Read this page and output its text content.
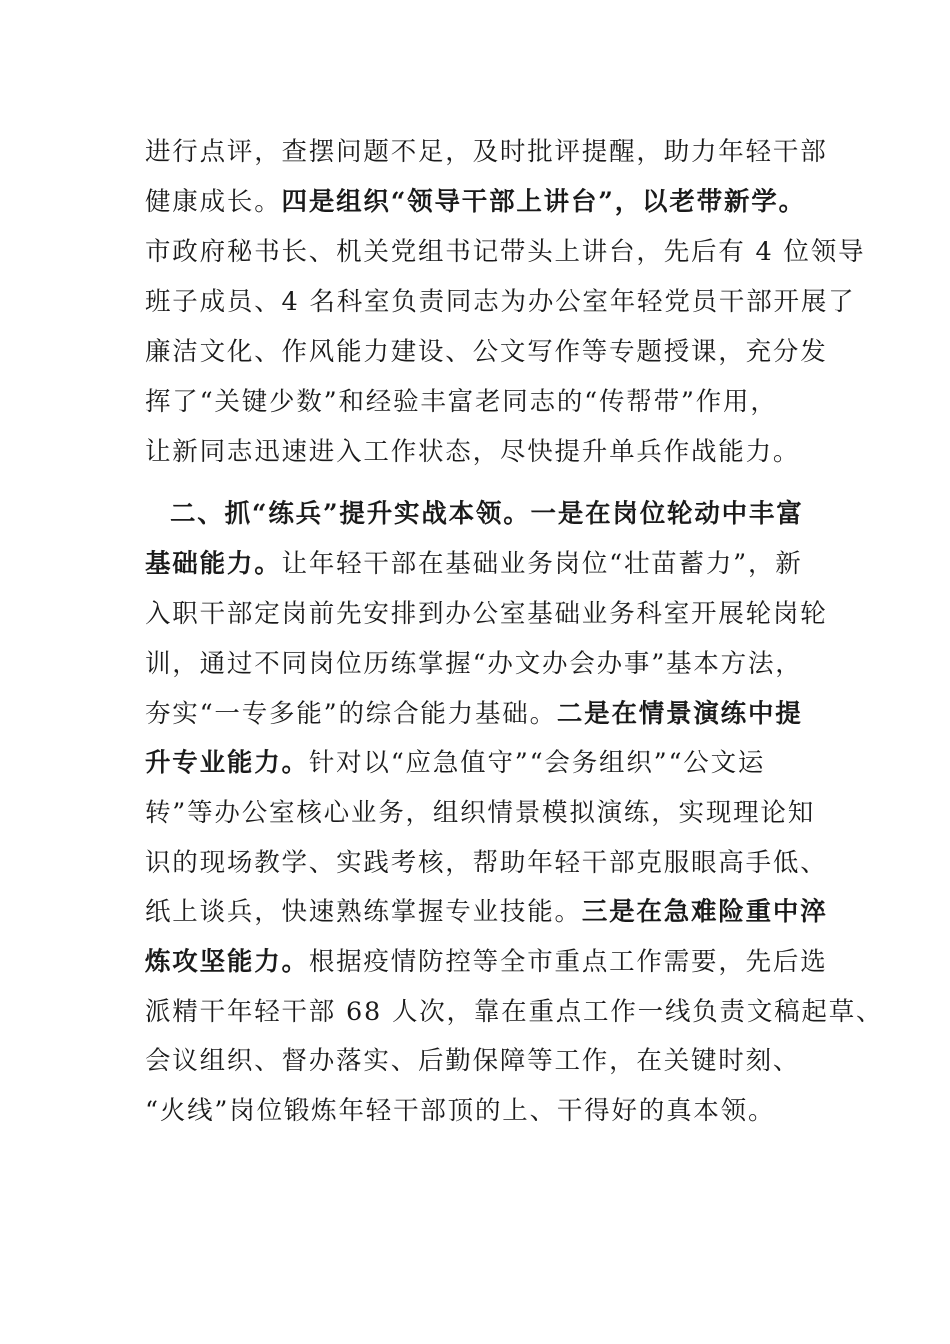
进行点评，查摆问题不足，及时批评提醒，助力年轻干部
健康成长。四是组织“领导干部上讲台”，以老带新学。
市政府秘书长、机关党组书记带头上讲台，先后有 4 位领导
班子成员、4 名科室负责同志为办公室年轻党员干部开展了
廉洁文化、作风能力建设、公文写作等专题授课，充分发
挥了“关键少数”和经验丰富老同志的“传帮带”作用，
让新同志迅速进入工作状态，尽快提升单兵作战能力。
二、抓“练兵”提升实战本领。一是在岗位轮动中丰富
基础能力。让年轻干部在基础业务岗位“壮苗蓄力”，新
入职干部定岗前先安排到办公室基础业务科室开展轮岗轮
训，通过不同岗位历练掌握“办文办会办事”基本方法，
夯实“一专多能”的综合能力基础。二是在情景演练中提
升专业能力。针对以“应急值守”“会务组织”“公文运
转”等办公室核心业务，组织情景模拟演练，实现理论知
识的现场教学、实践考核，帮助年轻干部克服眼高手低、
纸上谈兵，快速熟练掌握专业技能。三是在急难险重中淬
炼攻坚能力。根据疫情防控等全市重点工作需要，先后选
派精干年轻干部 68 人次，靠在重点工作一线负责文稿起草、
会议组织、督办落实、后勤保障等工作，在关键时刻、
“火线”岗位锻炼年轻干部顶的上、干得好的真本领。
